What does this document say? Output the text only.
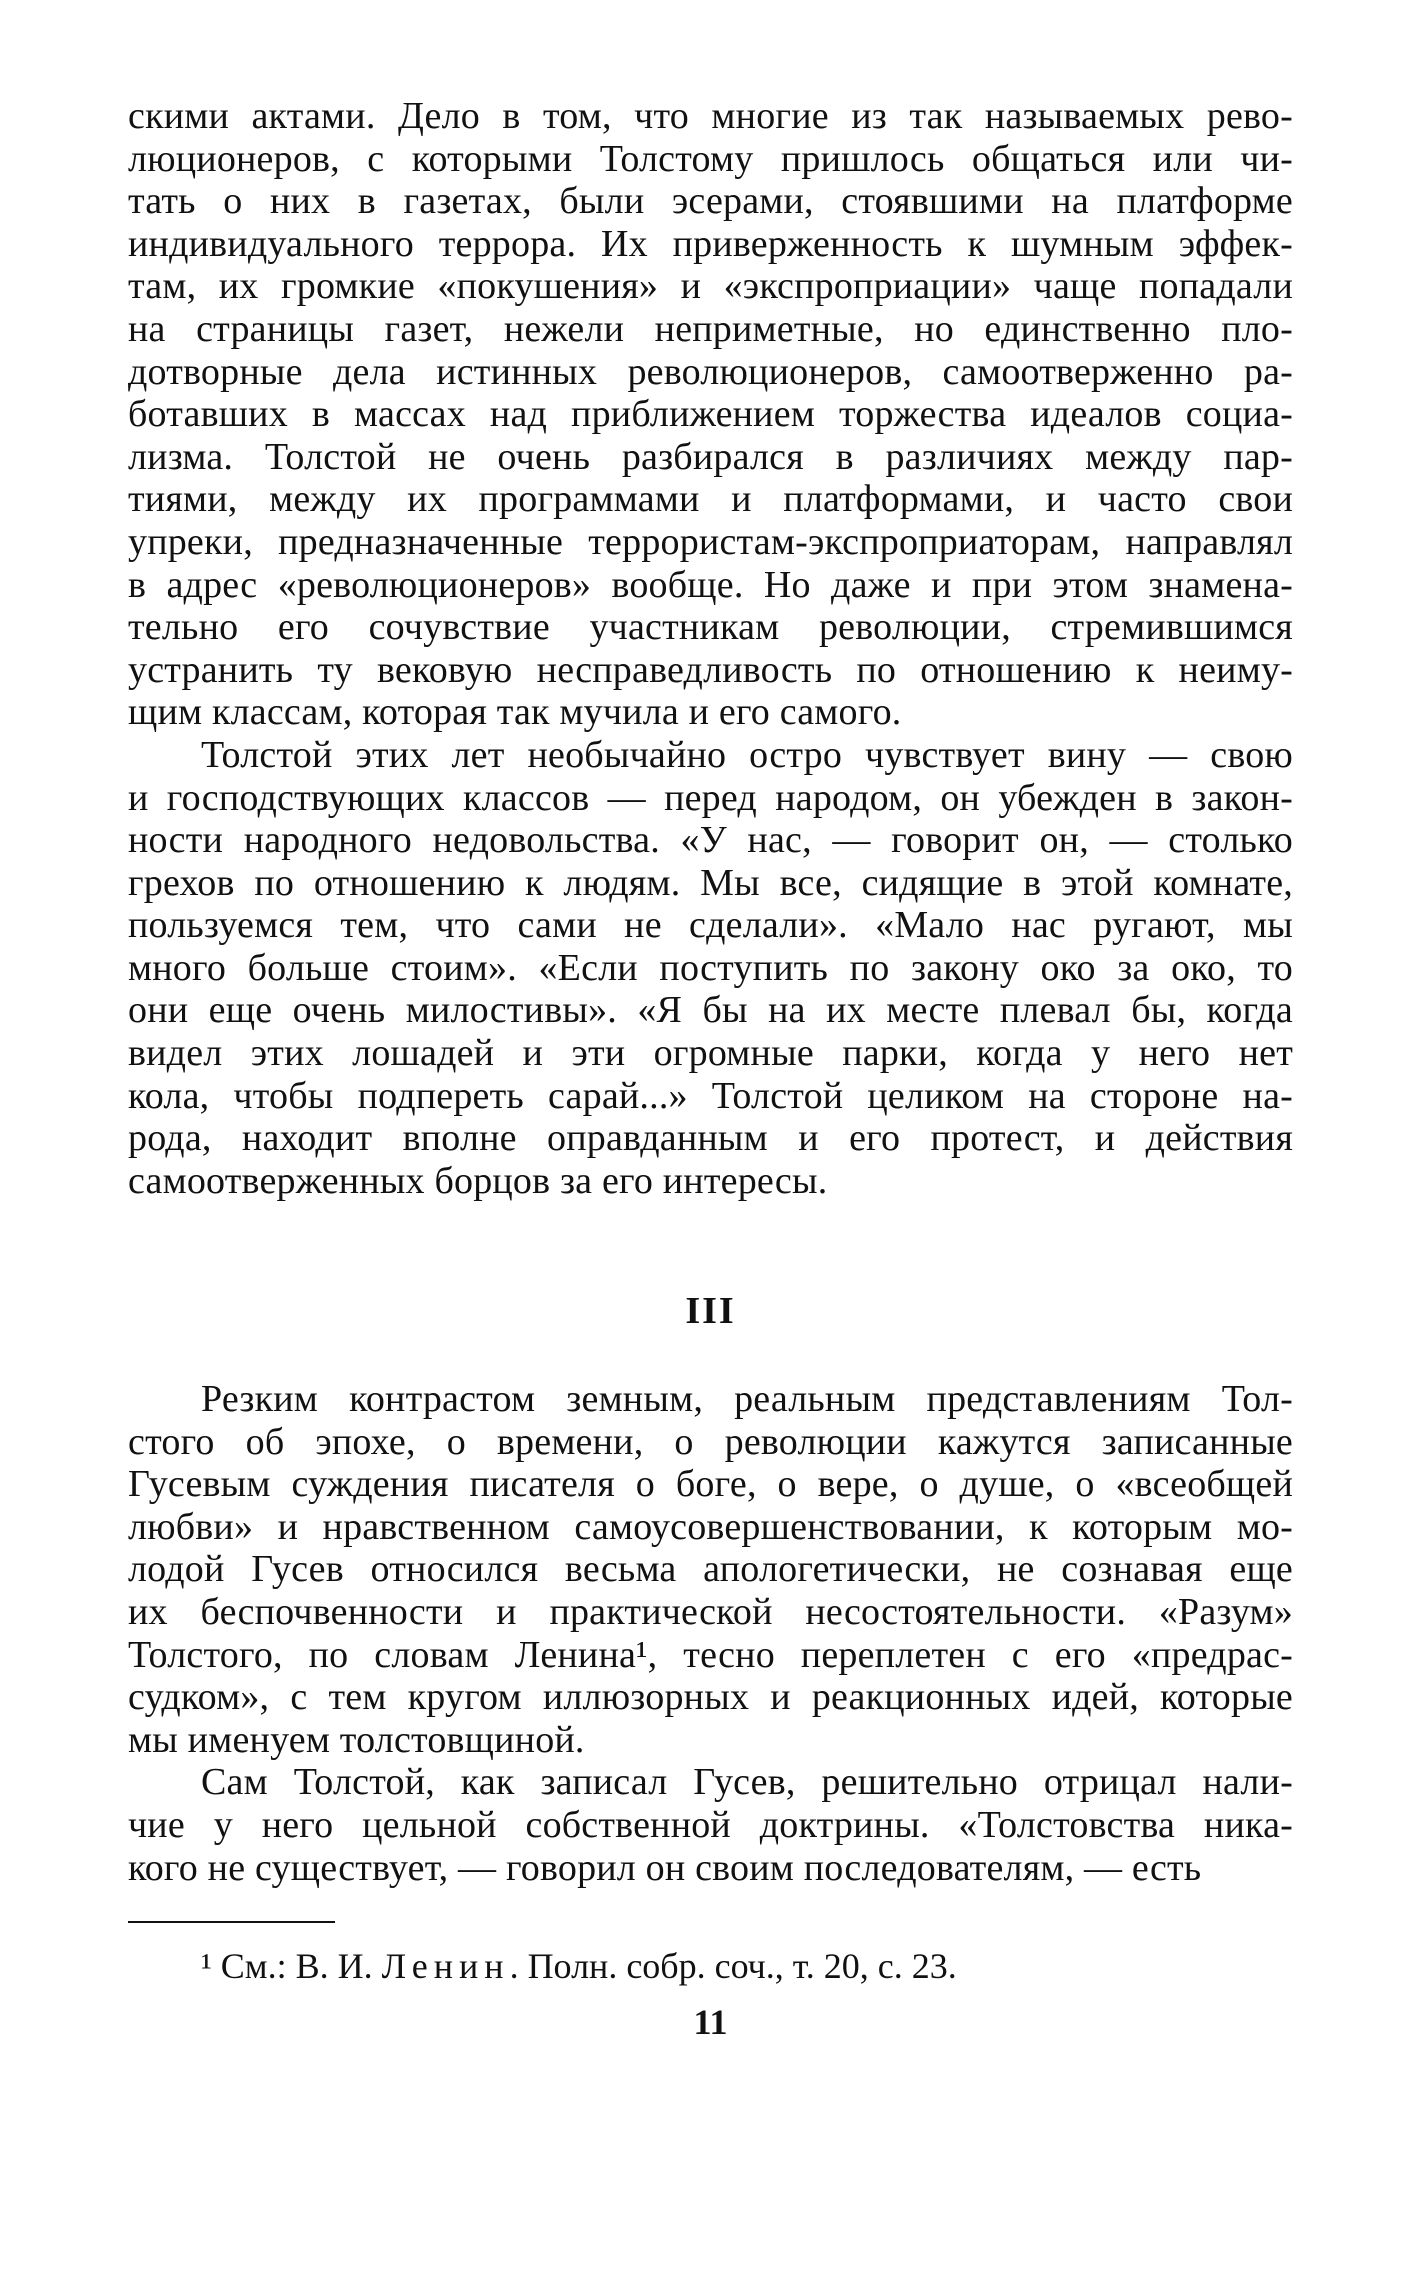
скими актами. Дело в том, что многие из так называемых рево-
люционеров, с которыми Толстому пришлось общаться или чи-
тать о них в газетах, были эсерами, стоявшими на платформе
индивидуального террора. Их приверженность к шумным эффек-
там, их громкие «покушения» и «экспроприации» чаще попадали
на страницы газет, нежели неприметные, но единственно плo-
дотворные дела истинных революционеров, самоотверженно ра-
ботавших в массах над приближением торжества идеалов социа-
лизма. Толстой не очень разбирался в различиях между пар-
тиями, между их программами и платформами, и часто свои
упреки, предназначенные террористам-экспроприаторам, направлял
в адрес «революционеров» вообще. Но даже и при этом знамена-
тельно его сочувствие участникам революции, стремившимся
устранить ту вековую несправедливость по отношению к неиму-
щим классам, которая так мучила и его самого.
Толстой этих лет необычайно остро чувствует вину — свою
и господствующих классов — перед народом, он убежден в закон-
ности народного недовольства. «У нас, — говорит он, — столько
грехов по отношению к людям. Мы все, сидящие в этой комнате,
пользуемся тем, что сами не сделали». «Мало нас ругают, мы
много больше стоим». «Если поступить по закону око за око, то
они еще очень милостивы». «Я бы на их месте плевал бы, когда
видел этих лошадей и эти огромные парки, когда у него нет
кола, чтобы подпереть сарай...» Толстой целиком на стороне на-
рода, находит вполне оправданным и его протест, и действия
самоотверженных борцов за его интересы.
III
Резким контрастом земным, реальным представлениям Тол-
стого об эпохе, о времени, о революции кажутся записанные
Гусевым суждения писателя о боге, о вере, о душе, о «всеобщей
любви» и нравственном самоусовершенствовании, к которым мо-
лодой Гусев относился весьма апологетически, не сознавая еще
их беспочвенности и практической несостоятельности. «Разум»
Толстого, по словам Ленина¹, тесно переплетен с его «предрас-
судком», с тем кругом иллюзорных и реакционных идей, которые
мы именуем толстовщиной.
Сам Толстой, как записал Гусев, решительно отрицал нали-
чие у него цельной собственной доктрины. «Толстовства ника-
кого не существует, — говорил он своим последователям, — есть
¹ См.: В. И. Ленин. Полн. собр. соч., т. 20, с. 23.
11
